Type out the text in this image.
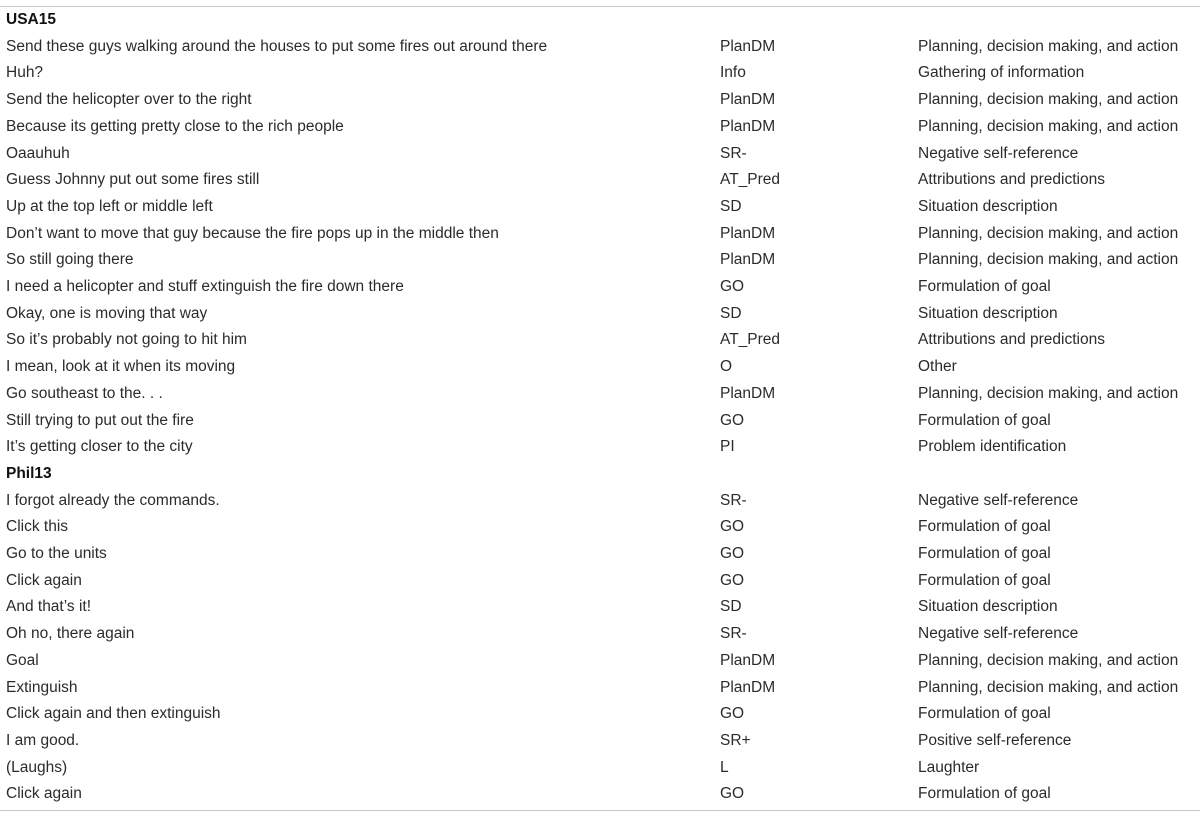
USA15		
Send these guys walking around the houses to put some fires out around there	PlanDM	Planning, decision making, and action
Huh?	Info	Gathering of information
Send the helicopter over to the right	PlanDM	Planning, decision making, and action
Because its getting pretty close to the rich people	PlanDM	Planning, decision making, and action
Oaauhuh	SR-	Negative self-reference
Guess Johnny put out some fires still	AT_Pred	Attributions and predictions
Up at the top left or middle left	SD	Situation description
Don’t want to move that guy because the fire pops up in the middle then	PlanDM	Planning, decision making, and action
So still going there	PlanDM	Planning, decision making, and action
I need a helicopter and stuff extinguish the fire down there	GO	Formulation of goal
Okay, one is moving that way	SD	Situation description
So it’s probably not going to hit him	AT_Pred	Attributions and predictions
I mean, look at it when its moving	O	Other
Go southeast to the. . .	PlanDM	Planning, decision making, and action
Still trying to put out the fire	GO	Formulation of goal
It’s getting closer to the city	PI	Problem identification
Phil13		
I forgot already the commands.	SR-	Negative self-reference
Click this	GO	Formulation of goal
Go to the units	GO	Formulation of goal
Click again	GO	Formulation of goal
And that’s it!	SD	Situation description
Oh no, there again	SR-	Negative self-reference
Goal	PlanDM	Planning, decision making, and action
Extinguish	PlanDM	Planning, decision making, and action
Click again and then extinguish	GO	Formulation of goal
I am good.	SR+	Positive self-reference
(Laughs)	L	Laughter
Click again	GO	Formulation of goal
